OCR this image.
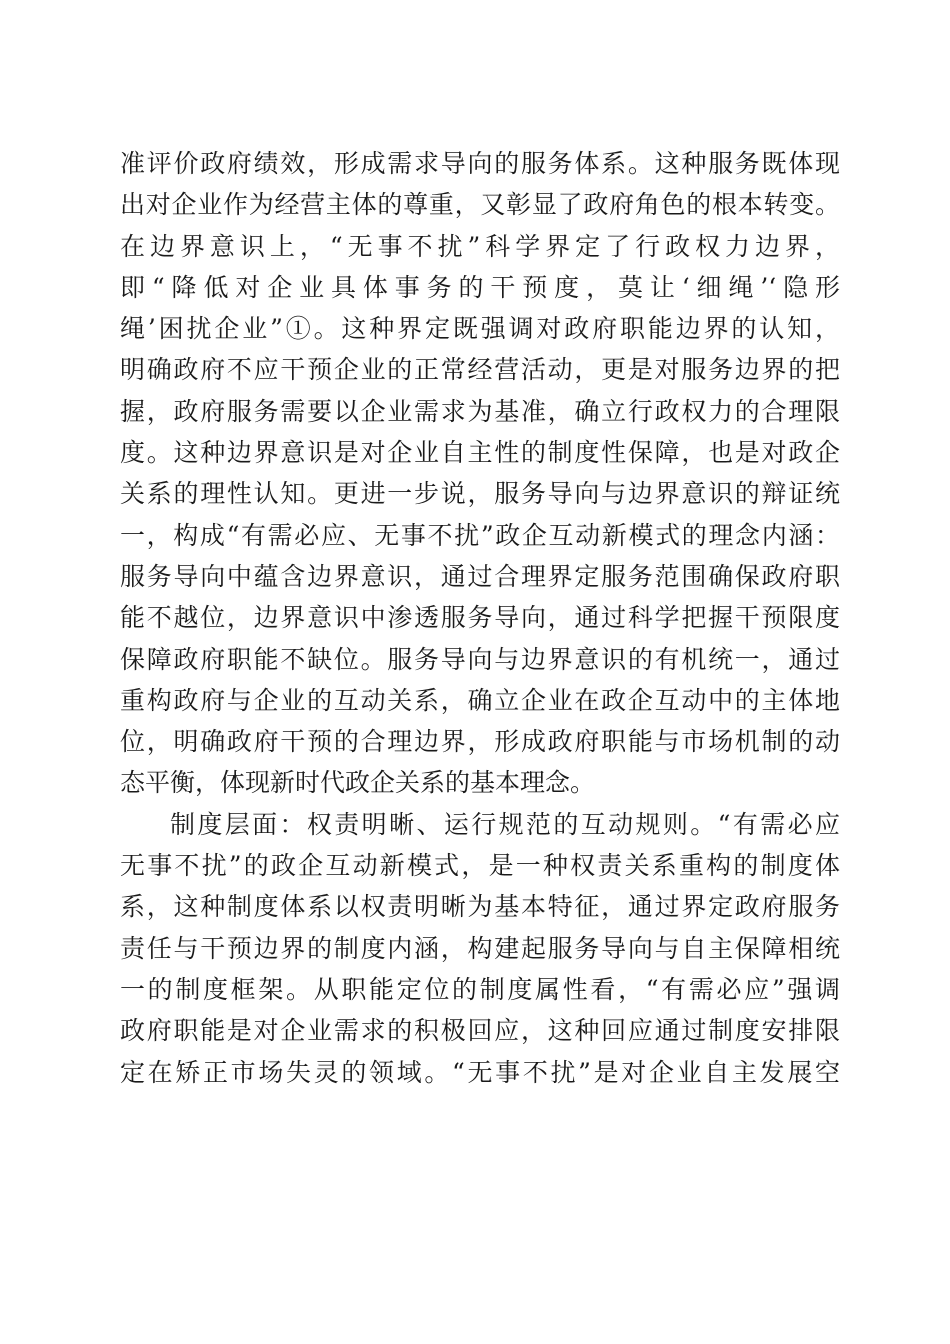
准评价政府绩效，形成需求导向的服务体系。这种服务既体现
出对企业作为经营主体的尊重，又彰显了政府角色的根本转变。
在边界意识上，“无事不扰”科学界定了行政权力边界，
即“降低对企业具体事务的干预度，莫让‘细绳’‘隐形
绳’困扰企业”①。这种界定既强调对政府职能边界的认知，
明确政府不应干预企业的正常经营活动，更是对服务边界的把
握，政府服务需要以企业需求为基准，确立行政权力的合理限
度。这种边界意识是对企业自主性的制度性保障，也是对政企
关系的理性认知。更进一步说，服务导向与边界意识的辩证统
一，构成“有需必应、无事不扰”政企互动新模式的理念内涵：
服务导向中蕴含边界意识，通过合理界定服务范围确保政府职
能不越位，边界意识中渗透服务导向，通过科学把握干预限度
保障政府职能不缺位。服务导向与边界意识的有机统一，通过
重构政府与企业的互动关系，确立企业在政企互动中的主体地
位，明确政府干预的合理边界，形成政府职能与市场机制的动
态平衡，体现新时代政企关系的基本理念。
制度层面：权责明晰、运行规范的互动规则。“有需必应
无事不扰”的政企互动新模式，是一种权责关系重构的制度体
系，这种制度体系以权责明晰为基本特征，通过界定政府服务
责任与干预边界的制度内涵，构建起服务导向与自主保障相统
一的制度框架。从职能定位的制度属性看，“有需必应”强调
政府职能是对企业需求的积极回应，这种回应通过制度安排限
定在矫正市场失灵的领域。“无事不扰”是对企业自主发展空
